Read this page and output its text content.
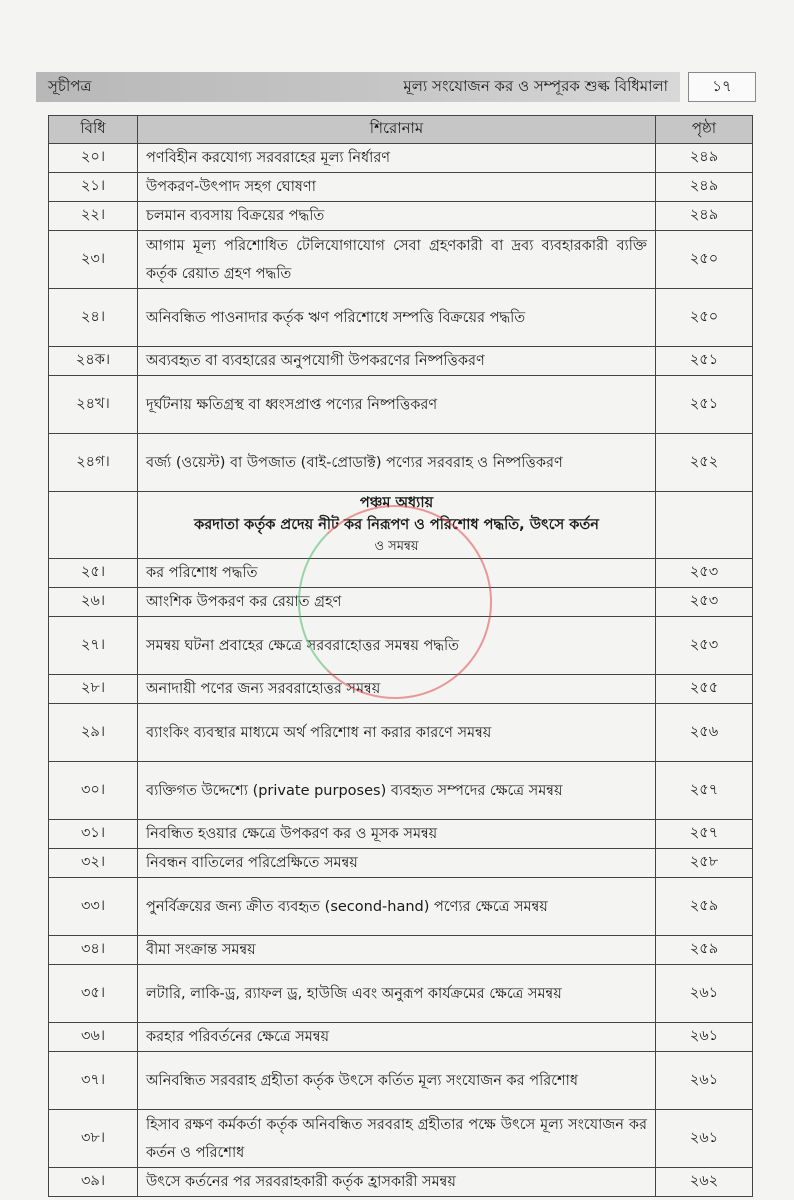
সূচীপত্র	মূল্য সংযোজন কর ও সম্পূরক শুল্ক বিধিমালা	১৭
বিধি	শিরোনাম	পৃষ্ঠা
২০।	পণবিহীন করযোগ্য সরবরাহের মূল্য নির্ধারণ	২৪৯
২১।	উপকরণ-উৎপাদ সহগ ঘোষণা	২৪৯
২২।	চলমান ব্যবসায় বিক্রয়ের পদ্ধতি	২৪৯
২৩।	আগাম মূল্য পরিশোধিত টেলিযোগাযোগ সেবা গ্রহণকারী বা দ্রব্য ব্যবহারকারী ব্যক্তি কর্তৃক রেয়াত গ্রহণ পদ্ধতি	২৫০
২৪।	অনিবন্ধিত পাওনাদার কর্তৃক ঋণ পরিশোধে সম্পত্তি বিক্রয়ের পদ্ধতি	২৫০
২৪ক।	অব্যবহৃত বা ব্যবহারের অনুপযোগী উপকরণের নিষ্পত্তিকরণ	২৫১
২৪খ।	দূর্ঘটনায় ক্ষতিগ্রস্থ বা ধ্বংসপ্রাপ্ত পণ্যের নিষ্পত্তিকরণ	২৫১
২৪গ।	বর্জ্য (ওয়েস্ট) বা উপজাত (বাই-প্রোডাক্ট) পণ্যের সরবরাহ ও নিষ্পত্তিকরণ	২৫২

	পঞ্চম অধ্যায়
করদাতা কর্তৃক প্রদেয় নীট কর নিরূপণ ও পরিশোধ পদ্ধতি, উৎসে কর্তন
ও সমন্বয়	

২৫।	কর পরিশোধ পদ্ধতি	২৫৩
২৬।	আংশিক উপকরণ কর রেয়াত গ্রহণ	২৫৩
২৭।	সমন্বয় ঘটনা প্রবাহের ক্ষেত্রে সরবরাহোত্তর সমন্বয় পদ্ধতি	২৫৩
২৮।	অনাদায়ী পণের জন্য সরবরাহোত্তর সমন্বয়	২৫৫
২৯।	ব্যাংকিং ব্যবস্থার মাধ্যমে অর্থ পরিশোধ না করার কারণে সমন্বয়	২৫৬
৩০।	ব্যক্তিগত উদ্দেশ্যে (private purposes) ব্যবহৃত সম্পদের ক্ষেত্রে সমন্বয়	২৫৭
৩১।	নিবন্ধিত হওয়ার ক্ষেত্রে উপকরণ কর ও মূসক সমন্বয়	২৫৭
৩২।	নিবন্ধন বাতিলের পরিপ্রেক্ষিতে সমন্বয়	২৫৮
৩৩।	পুনর্বিক্রয়ের জন্য ক্রীত ব্যবহৃত (second-hand) পণ্যের ক্ষেত্রে সমন্বয়	২৫৯
৩৪।	বীমা সংক্রান্ত সমন্বয়	২৫৯
৩৫।	লটারি, লাকি-ড্র, র‌্যাফল ড্র, হাউজি এবং অনুরূপ কার্যক্রমের ক্ষেত্রে সমন্বয়	২৬১
৩৬।	করহার পরিবর্তনের ক্ষেত্রে সমন্বয়	২৬১
৩৭।	অনিবন্ধিত সরবরাহ গ্রহীতা কর্তৃক উৎসে কর্তিত মূল্য সংযোজন কর পরিশোধ	২৬১
৩৮।	হিসাব রক্ষণ কর্মকর্তা কর্তৃক অনিবন্ধিত সরবরাহ গ্রহীতার পক্ষে উৎসে মূল্য সংযোজন কর কর্তন ও পরিশোধ	২৬১
৩৯।	উৎসে কর্তনের পর সরবরাহকারী কর্তৃক হ্রাসকারী সমন্বয়	২৬২
